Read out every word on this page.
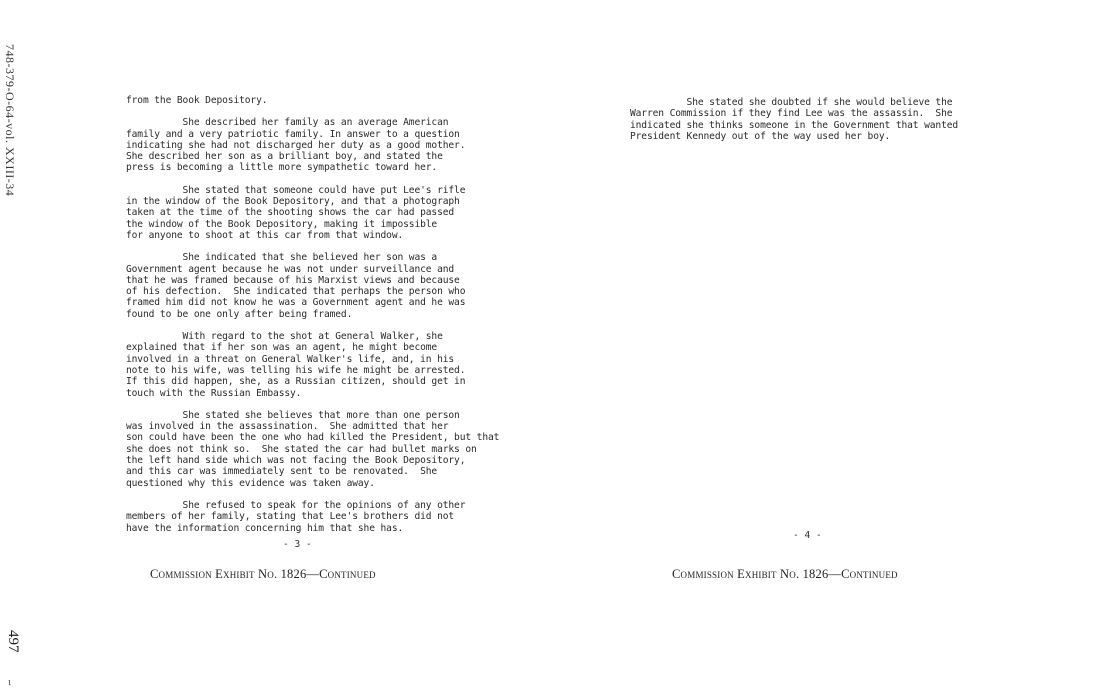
748-379-O-64-vol. XXIII-34
497
ɩ
from the Book Depository.
She described her family as an average American
family and a very patriotic family. In answer to a question
indicating she had not discharged her duty as a good mother.
She described her son as a brilliant boy, and stated the
press is becoming a little more sympathetic toward her.
She stated that someone could have put Lee's rifle
in the window of the Book Depository, and that a photograph
taken at the time of the shooting shows the car had passed
the window of the Book Depository, making it impossible
for anyone to shoot at this car from that window.
She indicated that she believed her son was a
Government agent because he was not under surveillance and
that he was framed because of his Marxist views and because
of his defection.  She indicated that perhaps the person who
framed him did not know he was a Government agent and he was
found to be one only after being framed.
With regard to the shot at General Walker, she
explained that if her son was an agent, he might become
involved in a threat on General Walker's life, and, in his
note to his wife, was telling his wife he might be arrested.
If this did happen, she, as a Russian citizen, should get in
touch with the Russian Embassy.
She stated she believes that more than one person
was involved in the assassination.  She admitted that her
son could have been the one who had killed the President, but that
she does not think so.  She stated the car had bullet marks on
the left hand side which was not facing the Book Depository,
and this car was immediately sent to be renovated.  She
questioned why this evidence was taken away.
She refused to speak for the opinions of any other
members of her family, stating that Lee's brothers did not
have the information concerning him that she has.
- 3 -
Commission Exhibit No. 1826—Continued
- 4 -
Commission Exhibit No. 1826—Continued
She stated she doubted if she would believe the
Warren Commission if they find Lee was the assassin.  She
indicated she thinks someone in the Government that wanted
President Kennedy out of the way used her boy.
